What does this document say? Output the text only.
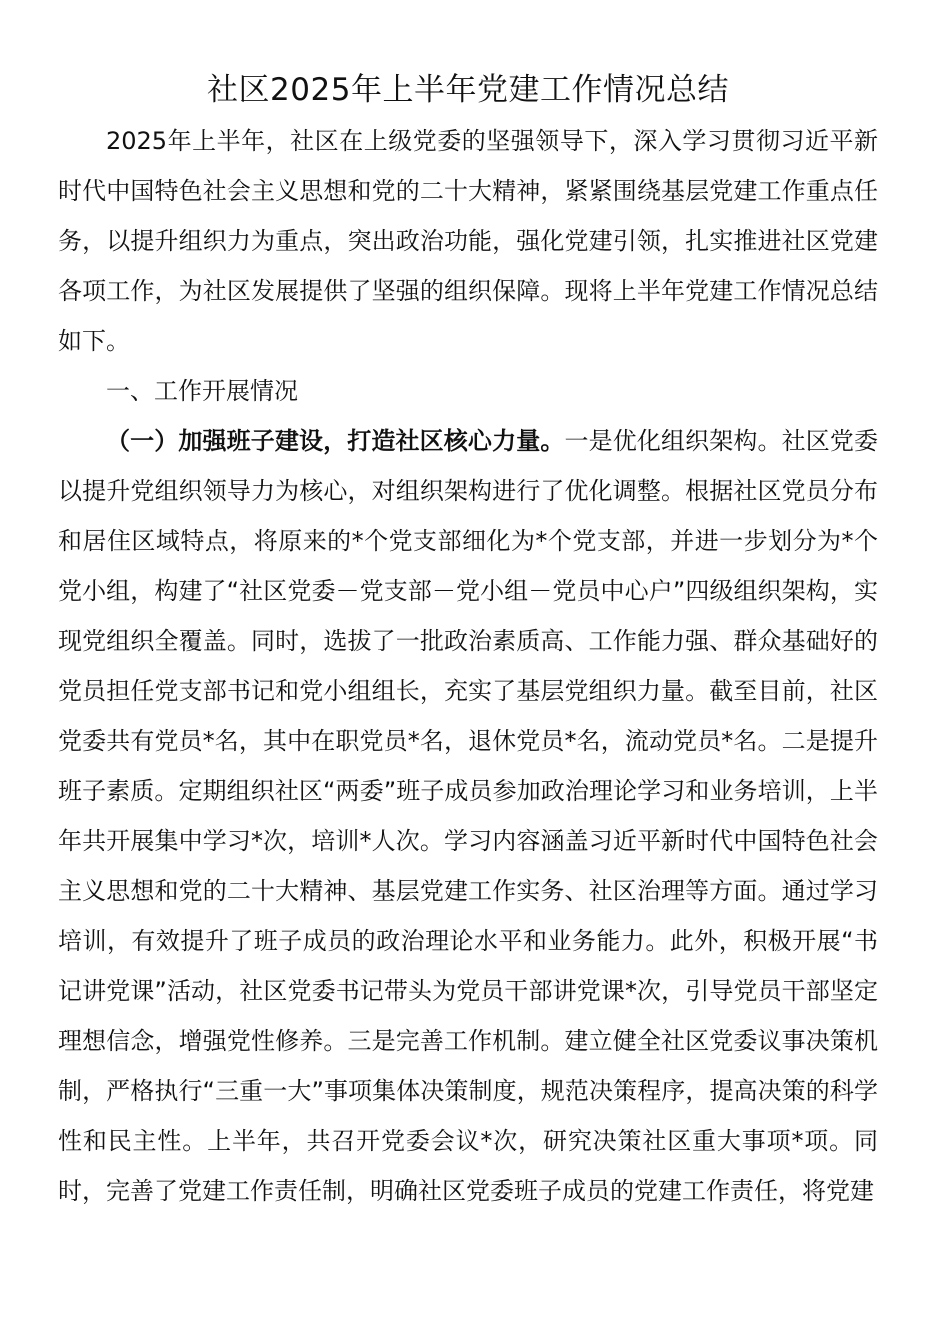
社区2025年上半年党建工作情况总结

2025年上半年，社区在上级党委的坚强领导下，深入学习贯彻习近平新时代中国特色社会主义思想和党的二十大精神，紧紧围绕基层党建工作重点任务，以提升组织力为重点，突出政治功能，强化党建引领，扎实推进社区党建各项工作，为社区发展提供了坚强的组织保障。现将上半年党建工作情况总结如下。

一、工作开展情况

（一）加强班子建设，打造社区核心力量。一是优化组织架构。社区党委以提升党组织领导力为核心，对组织架构进行了优化调整。根据社区党员分布和居住区域特点，将原来的*个党支部细化为*个党支部，并进一步划分为*个党小组，构建了“社区党委－党支部－党小组－党员中心户”四级组织架构，实现党组织全覆盖。同时，选拔了一批政治素质高、工作能力强、群众基础好的党员担任党支部书记和党小组组长，充实了基层党组织力量。截至目前，社区党委共有党员*名，其中在职党员*名，退休党员*名，流动党员*名。二是提升班子素质。定期组织社区“两委”班子成员参加政治理论学习和业务培训，上半年共开展集中学习*次，培训*人次。学习内容涵盖习近平新时代中国特色社会主义思想和党的二十大精神、基层党建工作实务、社区治理等方面。通过学习培训，有效提升了班子成员的政治理论水平和业务能力。此外，积极开展“书记讲党课”活动，社区党委书记带头为党员干部讲党课*次，引导党员干部坚定理想信念，增强党性修养。三是完善工作机制。建立健全社区党委议事决策机制，严格执行“三重一大”事项集体决策制度，规范决策程序，提高决策的科学性和民主性。上半年，共召开党委会议*次，研究决策社区重大事项*项。同时，完善了党建工作责任制，明确社区党委班子成员的党建工作责任，将党建
